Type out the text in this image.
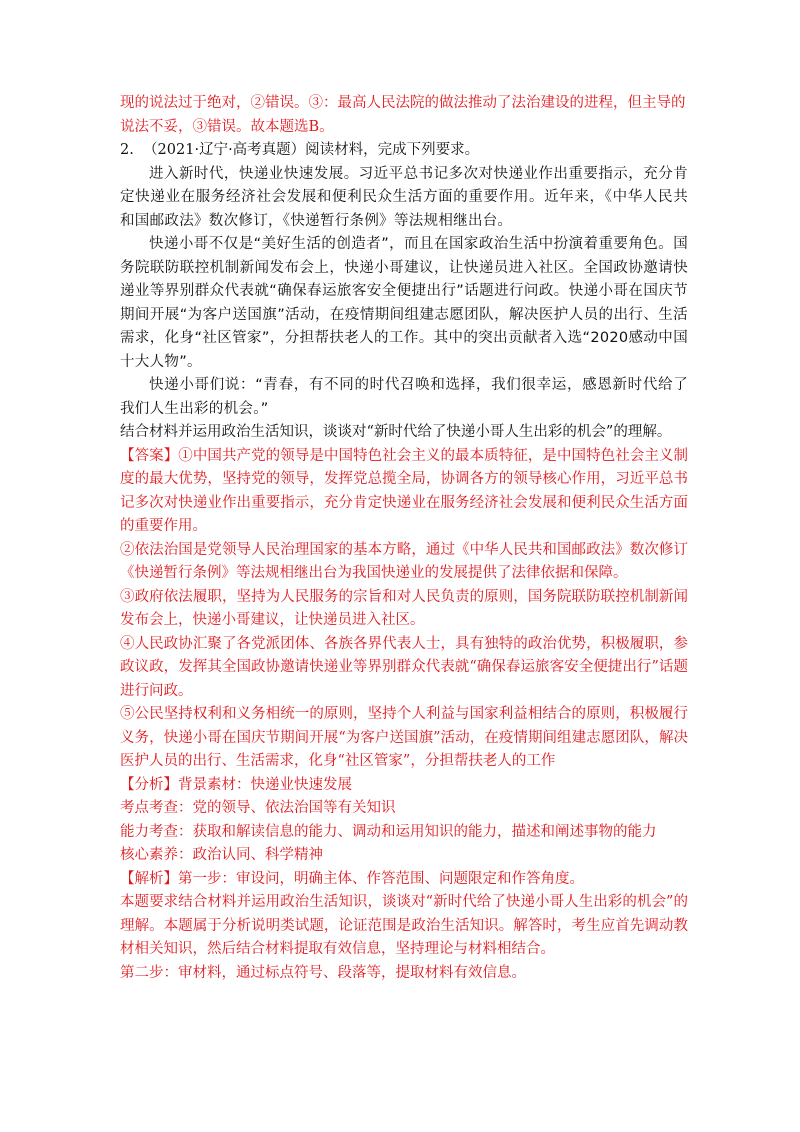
现的说法过于绝对，②错误。③：最高人民法院的做法推动了法治建设的进程，但主导的

说法不妥，③错误。故本题选B。

2. （2021·辽宁·高考真题）阅读材料，完成下列要求。

进入新时代，快递业快速发展。习近平总书记多次对快递业作出重要指示，充分肯定快递业在服务经济社会发展和便利民众生活方面的重要作用。近年来，《中华人民共和国邮政法》数次修订，《快递暂行条例》等法规相继出台。

快递小哥不仅是“美好生活的创造者”，而且在国家政治生活中扮演着重要角色。国务院联防联控机制新闻发布会上，快递小哥建议，让快递员进入社区。全国政协邀请快递业等界别群众代表就“确保春运旅客安全便捷出行”话题进行问政。快递小哥在国庆节期间开展“为客户送国旗”活动，在疫情期间组建志愿团队，解决医护人员的出行、生活需求，化身“社区管家”，分担帮扶老人的工作。其中的突出贡献者入选“2020感动中国十大人物”。

快递小哥们说：“青春，有不同的时代召唤和选择，我们很幸运，感恩新时代给了我们人生出彩的机会。”

结合材料并运用政治生活知识，谈谈对“新时代给了快递小哥人生出彩的机会”的理解。

【答案】①中国共产党的领导是中国特色社会主义的最本质特征，是中国特色社会主义制度的最大优势，坚持党的领导，发挥党总揽全局，协调各方的领导核心作用，习近平总书记多次对快递业作出重要指示，充分肯定快递业在服务经济社会发展和便利民众生活方面的重要作用。

②依法治国是党领导人民治理国家的基本方略，通过《中华人民共和国邮政法》数次修订《快递暂行条例》等法规相继出台为我国快递业的发展提供了法律依据和保障。

③政府依法履职，坚持为人民服务的宗旨和对人民负责的原则，国务院联防联控机制新闻发布会上，快递小哥建议，让快递员进入社区。

④人民政协汇聚了各党派团体、各族各界代表人士，具有独特的政治优势，积极履职，参政议政，发挥其全国政协邀请快递业等界别群众代表就“确保春运旅客安全便捷出行”话题进行问政。

⑤公民坚持权利和义务相统一的原则，坚持个人利益与国家利益相结合的原则，积极履行义务，快递小哥在国庆节期间开展“为客户送国旗”活动，在疫情期间组建志愿团队，解决医护人员的出行、生活需求，化身“社区管家”，分担帮扶老人的工作

【分析】背景素材：快递业快速发展

考点考查：党的领导、依法治国等有关知识

能力考查：获取和解读信息的能力、调动和运用知识的能力，描述和阐述事物的能力

核心素养：政治认同、科学精神

【解析】第一步：审设问，明确主体、作答范围、问题限定和作答角度。

本题要求结合材料并运用政治生活知识，谈谈对“新时代给了快递小哥人生出彩的机会”的理解。本题属于分析说明类试题，论证范围是政治生活知识。解答时，考生应首先调动教材相关知识，然后结合材料提取有效信息，坚持理论与材料相结合。

第二步：审材料，通过标点符号、段落等，提取材料有效信息。
